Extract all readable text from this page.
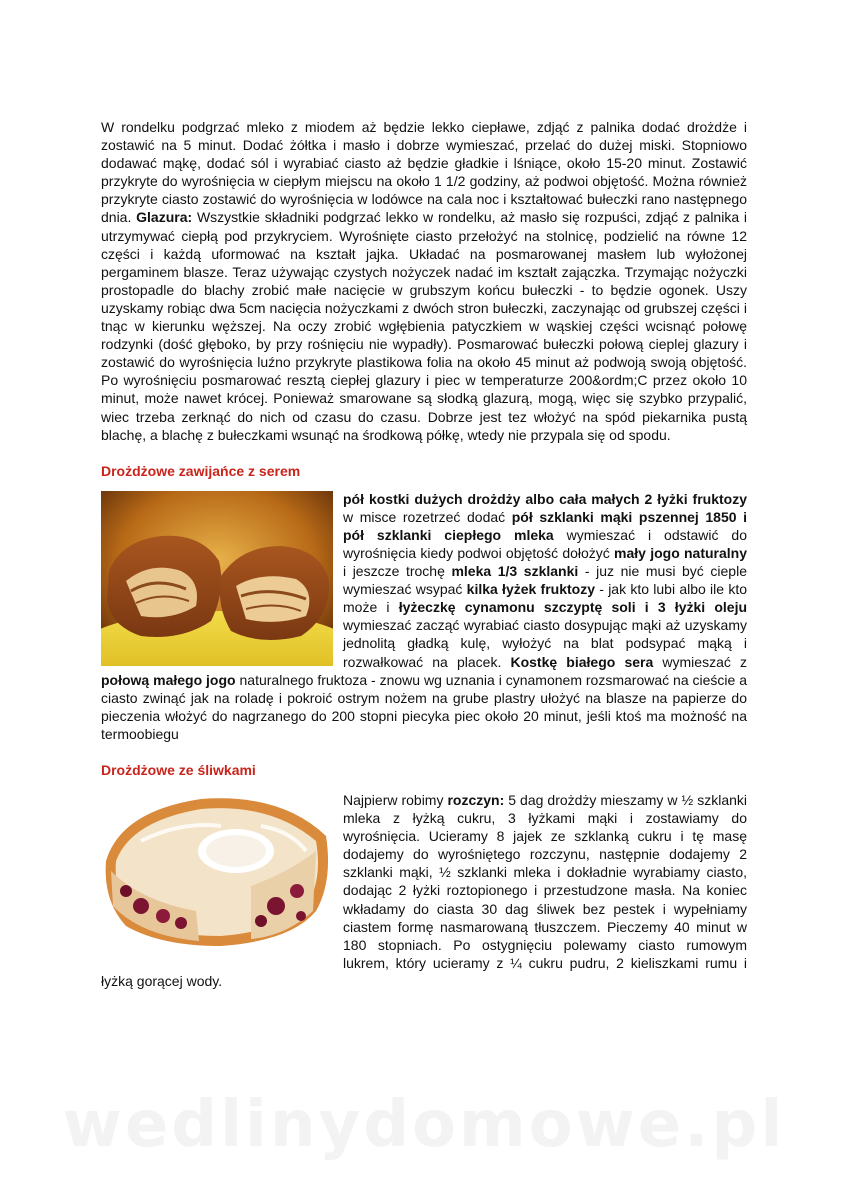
W rondelku podgrzać mleko z miodem aż będzie lekko ciepławe, zdjąć z palnika dodać drożdże i zostawić na 5 minut. Dodać żółtka i masło i dobrze wymieszać, przelać do dużej miski. Stopniowo dodawać mąkę, dodać sól i wyrabiać ciasto aż będzie gładkie i lśniące, około 15-20 minut. Zostawić przykryte do wyrośnięcia w ciepłym miejscu na około 1 1/2 godziny, aż podwoi objętość. Można również przykryte ciasto zostawić do wyrośnięcia w lodówce na cala noc i kształtować bułeczki rano następnego dnia. Glazura: Wszystkie składniki podgrzać lekko w rondelku, aż masło się rozpuści, zdjąć z palnika i utrzymywać ciepłą pod przykryciem. Wyrośnięte ciasto przełożyć na stolnicę, podzielić na równe 12 części i każdą uformować na kształt jajka. Układać na posmarowanej masłem lub wyłożonej pergaminem blasze. Teraz używając czystych nożyczek nadać im kształt zajączka. Trzymając nożyczki prostopadle do blachy zrobić małe nacięcie w grubszym końcu bułeczki - to będzie ogonek. Uszy uzyskamy robiąc dwa 5cm nacięcia nożyczkami z dwóch stron bułeczki, zaczynając od grubszej części i tnąc w kierunku węższej. Na oczy zrobić wgłębienia patyczkiem w wąskiej części wcisnąć połowę rodzynki (dość głęboko, by przy rośnięciu nie wypadły). Posmarować bułeczki połową cieplej glazury i zostawić do wyrośnięcia luźno przykryte plastikowa folia na około 45 minut aż podwoją swoją objętość. Po wyrośnięciu posmarować resztą ciepłej glazury i piec w temperaturze 200&ordm;C przez około 10 minut, może nawet krócej. Ponieważ smarowane są słodką glazurą, mogą, więc się szybko przypalić, wiec trzeba zerknąć do nich od czasu do czasu. Dobrze jest tez włożyć na spód piekarnika pustą blachę, a blachę z bułeczkami wsunąć na środkową półkę, wtedy nie przypala się od spodu.

Drożdżowe zawijańce z serem

pół kostki dużych drożdży albo cała małych 2 łyżki fruktozy w misce rozetrzeć dodać pół szklanki mąki pszennej 1850 i pół szklanki ciepłego mleka wymieszać i odstawić do wyrośnięcia kiedy podwoi objętość dołożyć mały jogo naturalny i jeszcze trochę mleka 1/3 szklanki - juz nie musi być cieple wymieszać wsypać kilka łyżek fruktozy - jak kto lubi albo ile kto może i łyżeczkę cynamonu szczyptę soli i 3 łyżki oleju wymieszać zacząć wyrabiać ciasto dosypując mąki aż uzyskamy jednolitą gładką kulę, wyłożyć na blat podsypać mąką i rozwałkować na placek. Kostkę białego sera wymieszać z połową małego jogo naturalnego fruktoza - znowu wg uznania i cynamonem rozsmarować na cieście a ciasto zwinąć jak na roladę i pokroić ostrym nożem na grube plastry ułożyć na blasze na papierze do pieczenia włożyć do nagrzanego do 200 stopni piecyka piec około 20 minut, jeśli ktoś ma możność na termoobiegu

Drożdżowe ze śliwkami

Najpierw robimy rozczyn: 5 dag drożdży mieszamy w ½ szklanki mleka z łyżką cukru, 3 łyżkami mąki i zostawiamy do wyrośnięcia. Ucieramy 8 jajek ze szklanką cukru i tę masę dodajemy do wyrośniętego rozczynu, następnie dodajemy 2 szklanki mąki, ½ szklanki mleka i dokładnie wyrabiamy ciasto, dodając 2 łyżki roztopionego i przestudzone masła. Na koniec wkładamy do ciasta 30 dag śliwek bez pestek i wypełniamy ciastem formę nasmarowaną tłuszczem. Pieczemy 40 minut w 180 stopniach. Po ostygnięciu polewamy ciasto rumowym lukrem, który ucieramy z ¼ cukru pudru, 2 kieliszkami rumu i łyżką gorącej wody.

wedlinydomowe.pl
